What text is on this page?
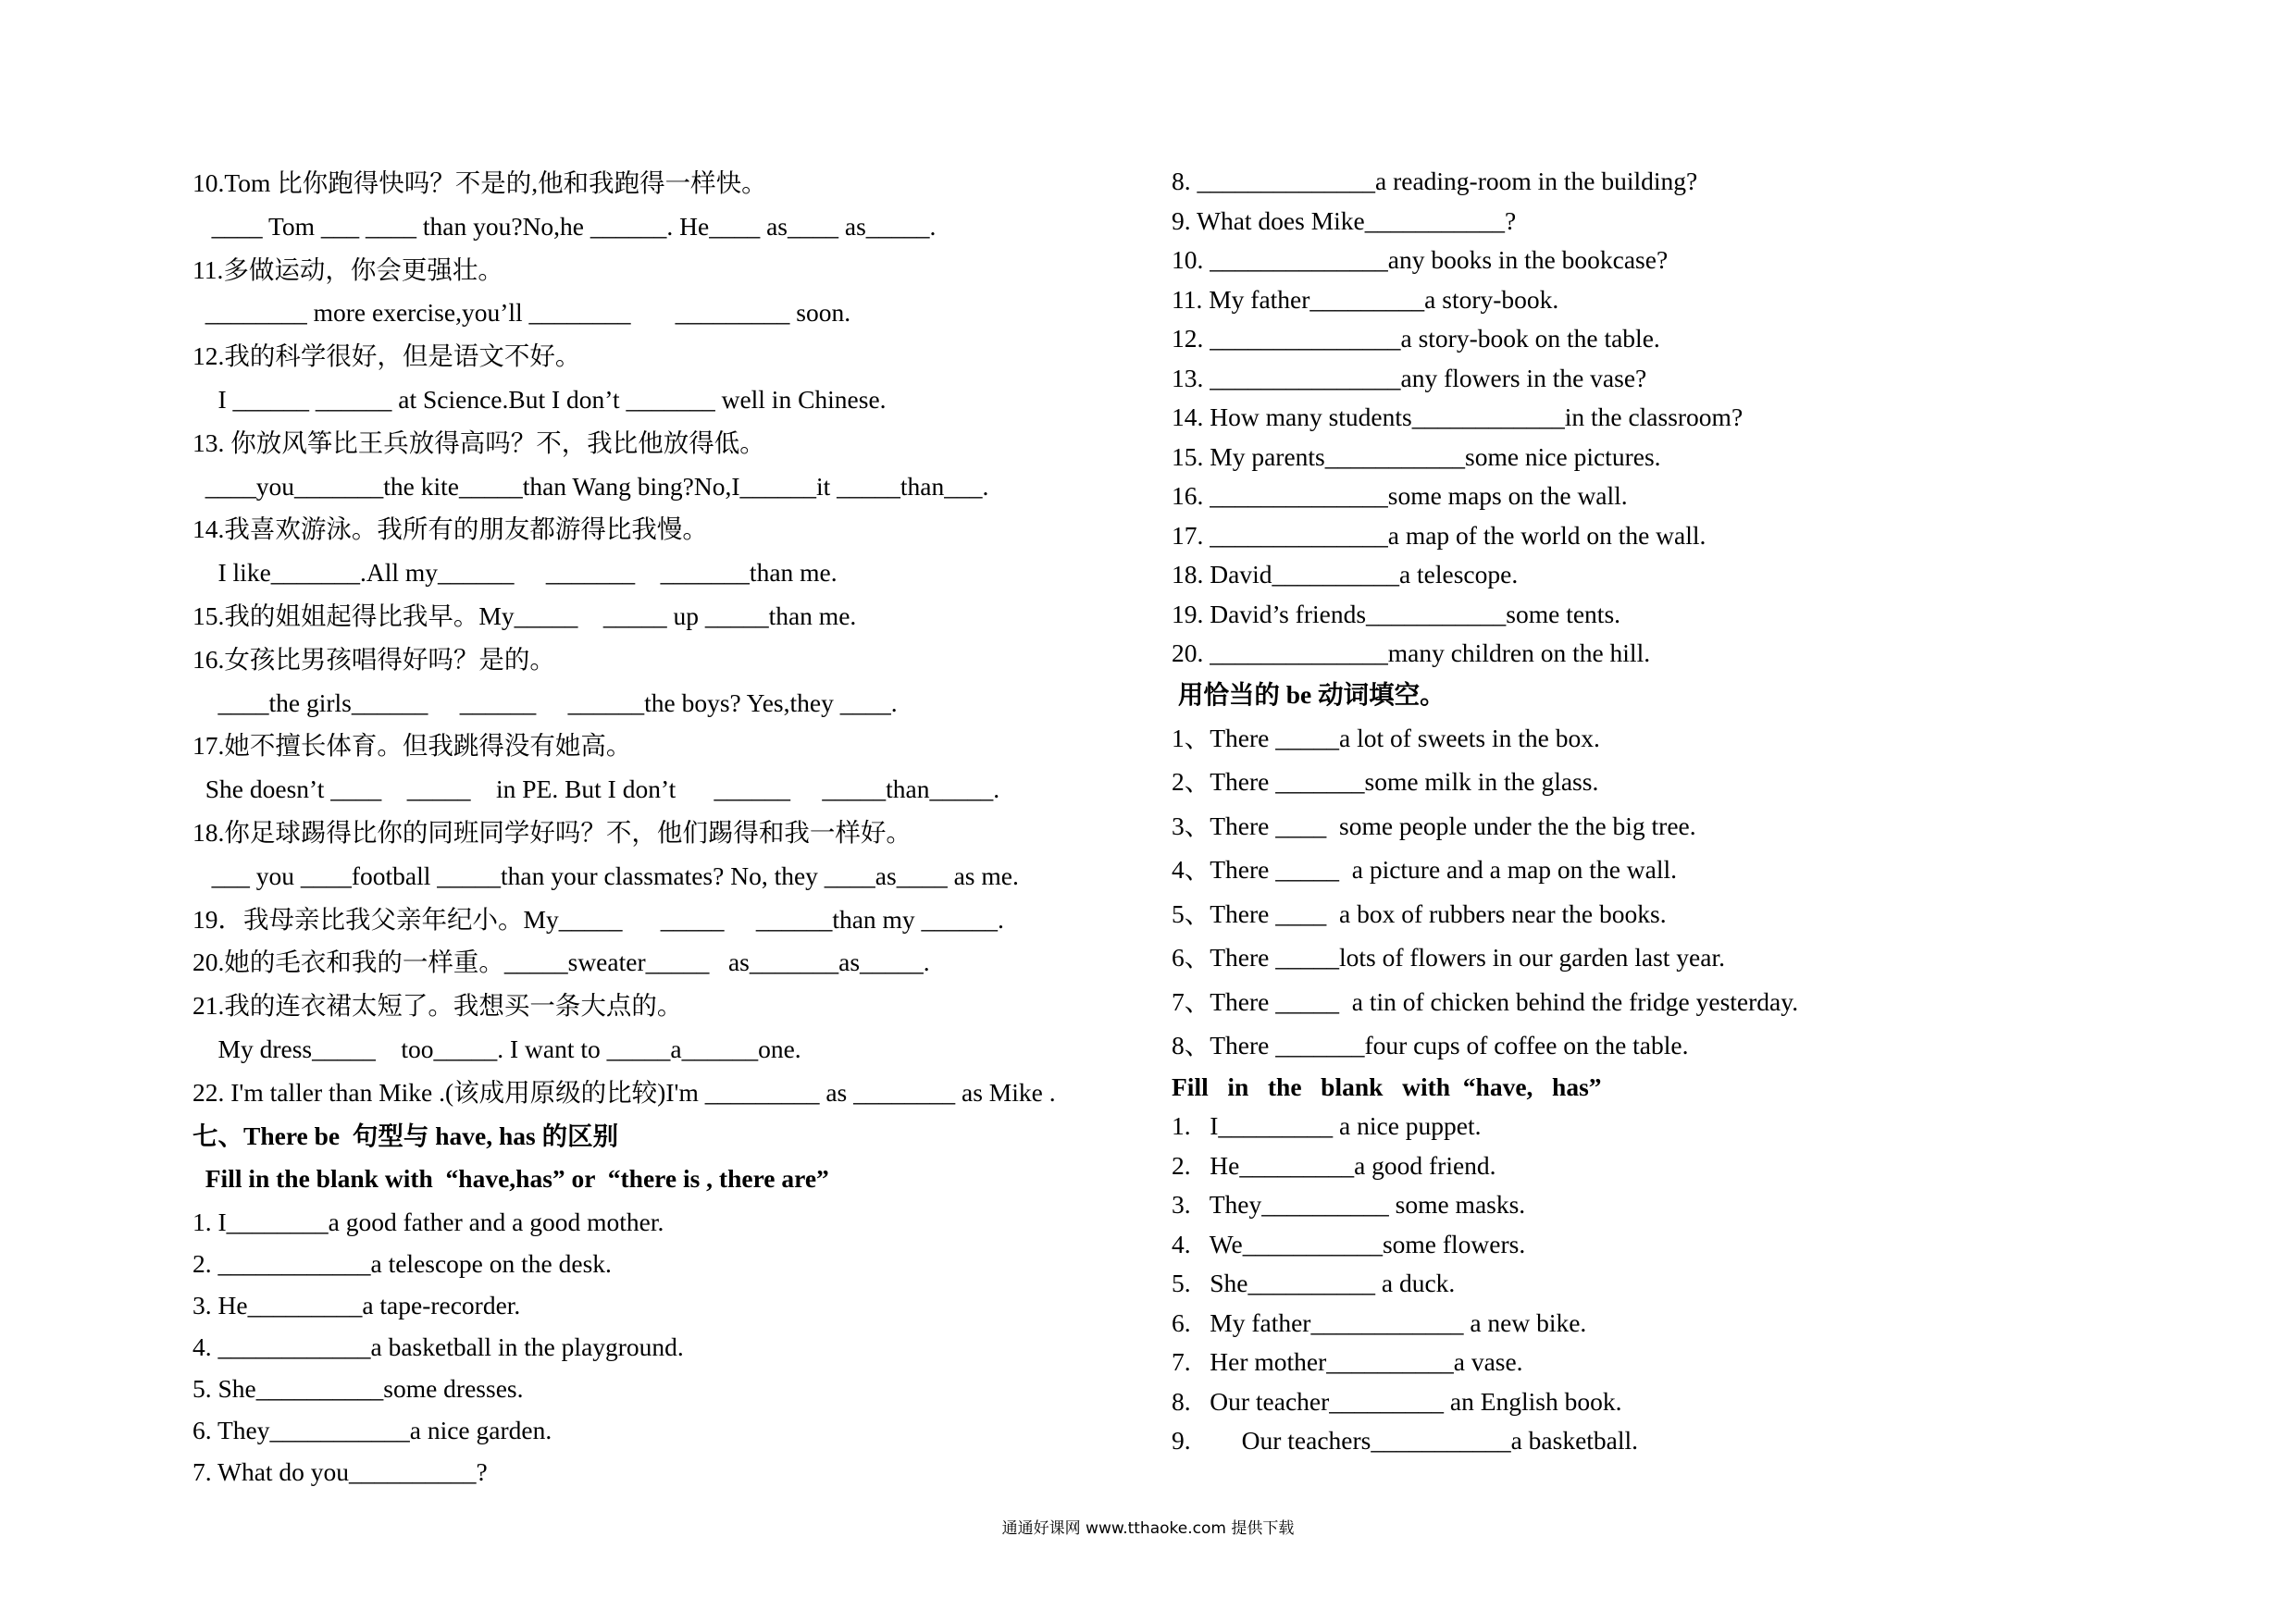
10.Tom 比你跑得快吗？不是的,他和我跑得一样快。
____ Tom ___ ____ than you?No,he ______. He____ as____ as_____.
11.多做运动，你会更强壮。
________ more exercise,you’ll ________       _________ soon.
12.我的科学很好，但是语文不好。
I ______ ______ at Science.But I don’t _______ well in Chinese.
13. 你放风筝比王兵放得高吗？不，我比他放得低。
____you_______the kite_____than Wang bing?No,I______it _____than___.
14.我喜欢游泳。我所有的朋友都游得比我慢。
I like_______.All my______     _______    _______than me.
15.我的姐姐起得比我早。My_____    _____ up _____than me.
16.女孩比男孩唱得好吗？是的。
____the girls______     ______     ______the boys? Yes,they ____.
17.她不擅长体育。但我跳得没有她高。
She doesn’t ____    _____    in PE. But I don’t      ______     _____than_____.
18.你足球踢得比你的同班同学好吗？不，他们踢得和我一样好。
___ you ____football _____than your classmates? No, they ____as____ as me.
19．我母亲比我父亲年纪小。My_____      _____     ______than my ______.
20.她的毛衣和我的一样重。_____sweater_____   as_______as_____.
21.我的连衣裙太短了。我想买一条大点的。
My dress_____    too_____. I want to _____a______one.
22. I'm taller than Mike .(该成用原级的比较)I'm _________ as ________ as Mike .
七、There be  句型与 have, has 的区别
Fill in the blank with  “have,has” or  “there is , there are”
1. I________a good father and a good mother.
2. ____________a telescope on the desk.
3. He_________a tape-recorder.
4. ____________a basketball in the playground.
5. She__________some dresses.
6. They___________a nice garden.
7. What do you__________?
8. ______________a reading-room in the building?
9. What does Mike___________?
10. ______________any books in the bookcase?
11. My father_________a story-book.
12. _______________a story-book on the table.
13. _______________any flowers in the vase?
14. How many students____________in the classroom?
15. My parents___________some nice pictures.
16. ______________some maps on the wall.
17. ______________a map of the world on the wall.
18. David__________a telescope.
19. David’s friends___________some tents.
20. ______________many children on the hill.
用恰当的 be 动词填空。
1、There _____a lot of sweets in the box.
2、There _______some milk in the glass.
3、There ____  some people under the the big tree.
4、There _____  a picture and a map on the wall.
5、There ____  a box of rubbers near the books.
6、There _____lots of flowers in our garden last year.
7、There _____  a tin of chicken behind the fridge yesterday.
8、There _______four cups of coffee on the table.
Fill   in   the   blank   with  “have,   has”
1.   I_________ a nice puppet.
2.   He_________a good friend.
3.   They__________ some masks.
4.   We___________some flowers.
5.   She__________ a duck.
6.   My father____________ a new bike.
7.   Her mother__________a vase.
8.   Our teacher_________ an English book.
9.        Our teachers___________a basketball.
通通好课网 www.tthaoke.com 提供下载
